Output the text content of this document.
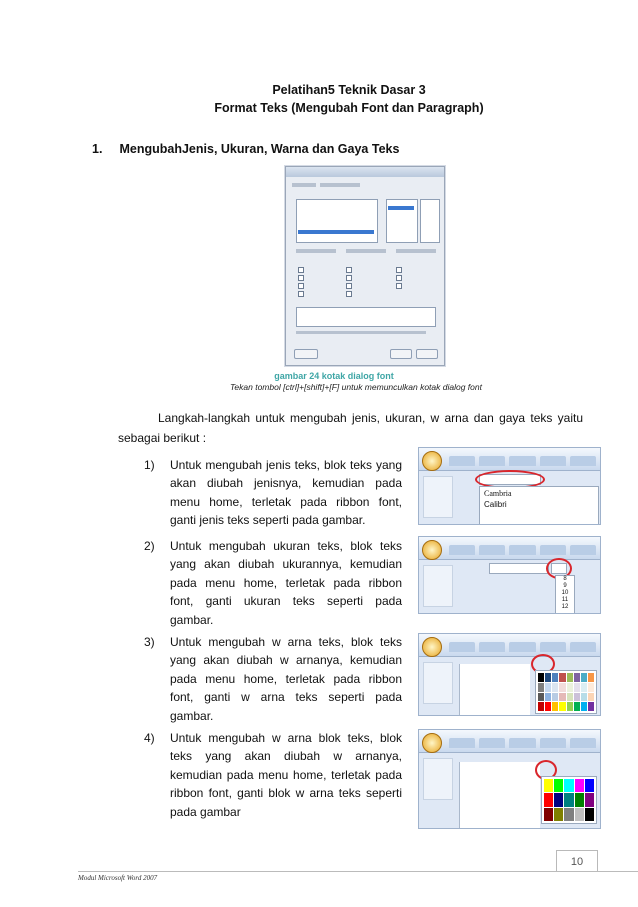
Pelatihan5 Teknik Dasar 3
Format Teks (Mengubah Font dan Paragraph)
1. MengubahJenis, Ukuran, Warna dan Gaya Teks
gambar 24 kotak dialog font
Tekan tombol [ctrl]+[shift]+[F] untuk memunculkan kotak dialog font
Langkah-langkah untuk mengubah jenis, ukuran, w arna dan gaya teks yaitu sebagai berikut :
1)	Untuk mengubah jenis teks, blok teks yang akan diubah jenisnya, kemudian pada menu home, terletak pada ribbon font, ganti jenis teks seperti pada gambar.
2)	Untuk mengubah ukuran teks, blok teks yang akan diubah ukurannya, kemudian pada menu home, terletak pada ribbon font, ganti ukuran teks seperti pada gambar.
3)	Untuk mengubah w arna teks, blok teks yang akan diubah w arnanya, kemudian pada menu home, terletak pada ribbon font, ganti w arna teks seperti pada gambar.
4)	Untuk mengubah w arna blok teks, blok teks yang akan diubah w arnanya, kemudian pada menu home, terletak pada ribbon font, ganti blok w arna teks seperti pada gambar
Cambria
Calibri
8
9
10
11
12
10
Modul Microsoft Word 2007
